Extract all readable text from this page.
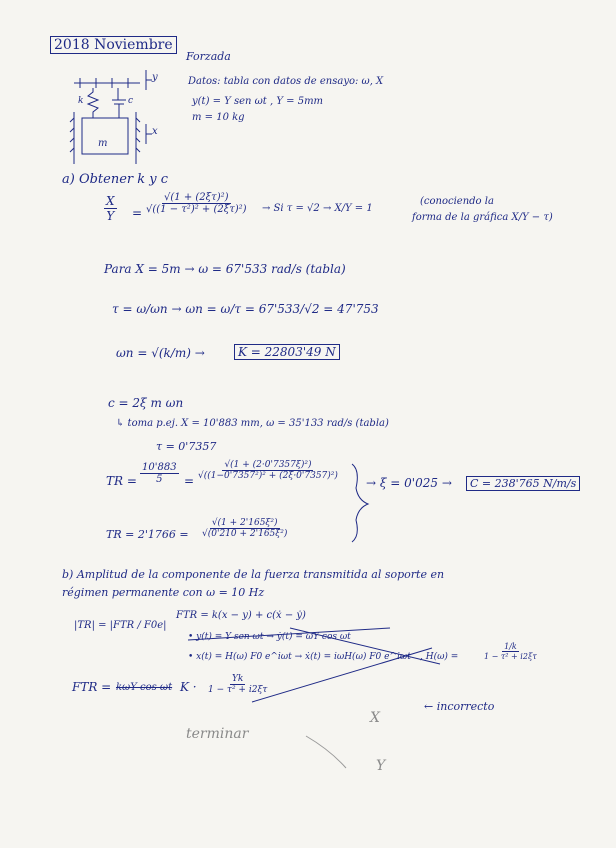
2018 Noviembre
Forzada
k	c
m
y
x
Datos: tabla con datos de ensayo: ω, X
y(t) = Y sen ωt , Y = 5mm
m = 10 kg
a) Obtener k y c
$\frac{X}{Y} = \frac{\text{√(1 + (2ξτ)²)}}{\text{√((1 − τ²)² + (2ξτ)²)}} \to Si$ τ = √2 → X/Y = 1
(conociendo la
forma de la gráfica X/Y − τ)
Para X = 5m → ω = 67'533 rad/s (tabla)
τ = ω/ωn → ωn = ω/τ = 67'533/√2 = 47'753
ωn = √(k/m) →	K = 22803'49 N
c = 2ξ m ωn
↳ toma p.ej. X = 10'883 mm, ω = 35'133 rad/s (tabla)
τ = 0'7357
TR = $\frac{10'883}{5} = \frac{\text{√(1 + (2·0'7357ξ)²)}}{\text{√((1−0'7357²)² + (2ξ·0'7357)²)}}$
→ ξ = 0'025 →	C = 238'765 N/m/s
TR = $2'1766 = \frac{\text{√(1 + 2'165ξ²)}}{\text{√(0'210 + 2'165ξ²)}}$
b) Amplitud de la componente de la fuerza transmitida al soporte en
régimen permanente con ω = 10 Hz
|TR| = |FTR / F0e|
FTR = k(x − y) + c(ẋ − ẏ)
• y(t) = Y sen ωt → ẏ(t) = ωY cos ωt
• x(t) = H(ω) F0 e^iωt → ẋ(t) = iωH(ω) F0 e^iωt , H(ω) =	$\frac{1/k}{\text{1 − τ² + i2ξτ}}$
FTR = kωY cos ωt $K \cdot \frac{Yk}{\text{1 − τ² + i2ξτ}}$
← incorrecto
terminar
X
Y
